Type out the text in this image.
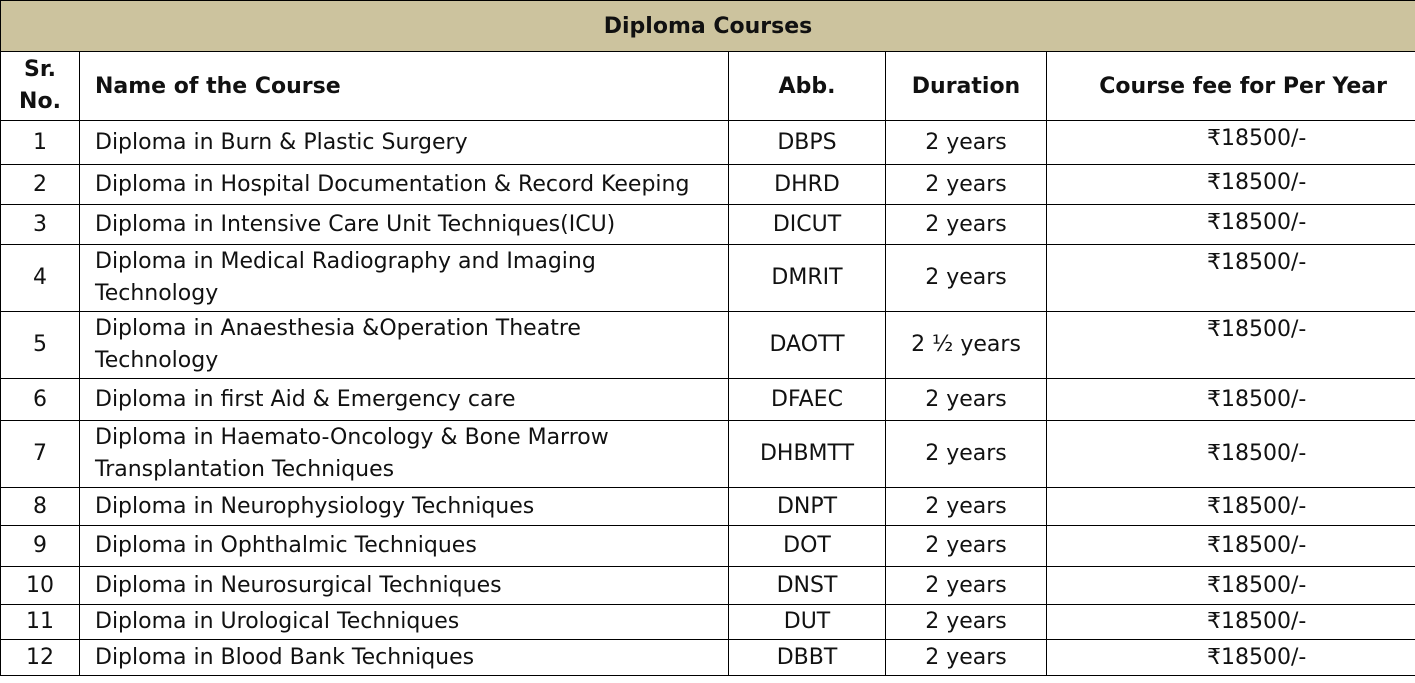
Diploma Courses				
Sr. No.	Name of the Course	Abb.	Duration	Course fee for Per Year
1	Diploma in Burn & Plastic Surgery	DBPS	2 years	₹18500/-
2	Diploma in Hospital Documentation & Record Keeping	DHRD	2 years	₹18500/-
3	Diploma in Intensive Care Unit Techniques(ICU)	DICUT	2 years	₹18500/-
4	Diploma in Medical Radiography and Imaging Technology	DMRIT	2 years	₹18500/-
5	Diploma in Anaesthesia &Operation Theatre Technology	DAOTT	2 ½ years	₹18500/-
6	Diploma in first Aid & Emergency care	DFAEC	2 years	₹18500/-
7	Diploma in Haemato-Oncology & Bone Marrow Transplantation Techniques	DHBMTT	2 years	₹18500/-
8	Diploma in Neurophysiology Techniques	DNPT	2 years	₹18500/-
9	Diploma in Ophthalmic Techniques	DOT	2 years	₹18500/-
10	Diploma in Neurosurgical Techniques	DNST	2 years	₹18500/-
11	Diploma in Urological Techniques	DUT	2 years	₹18500/-
12	Diploma in Blood Bank Techniques	DBBT	2 years	₹18500/-
